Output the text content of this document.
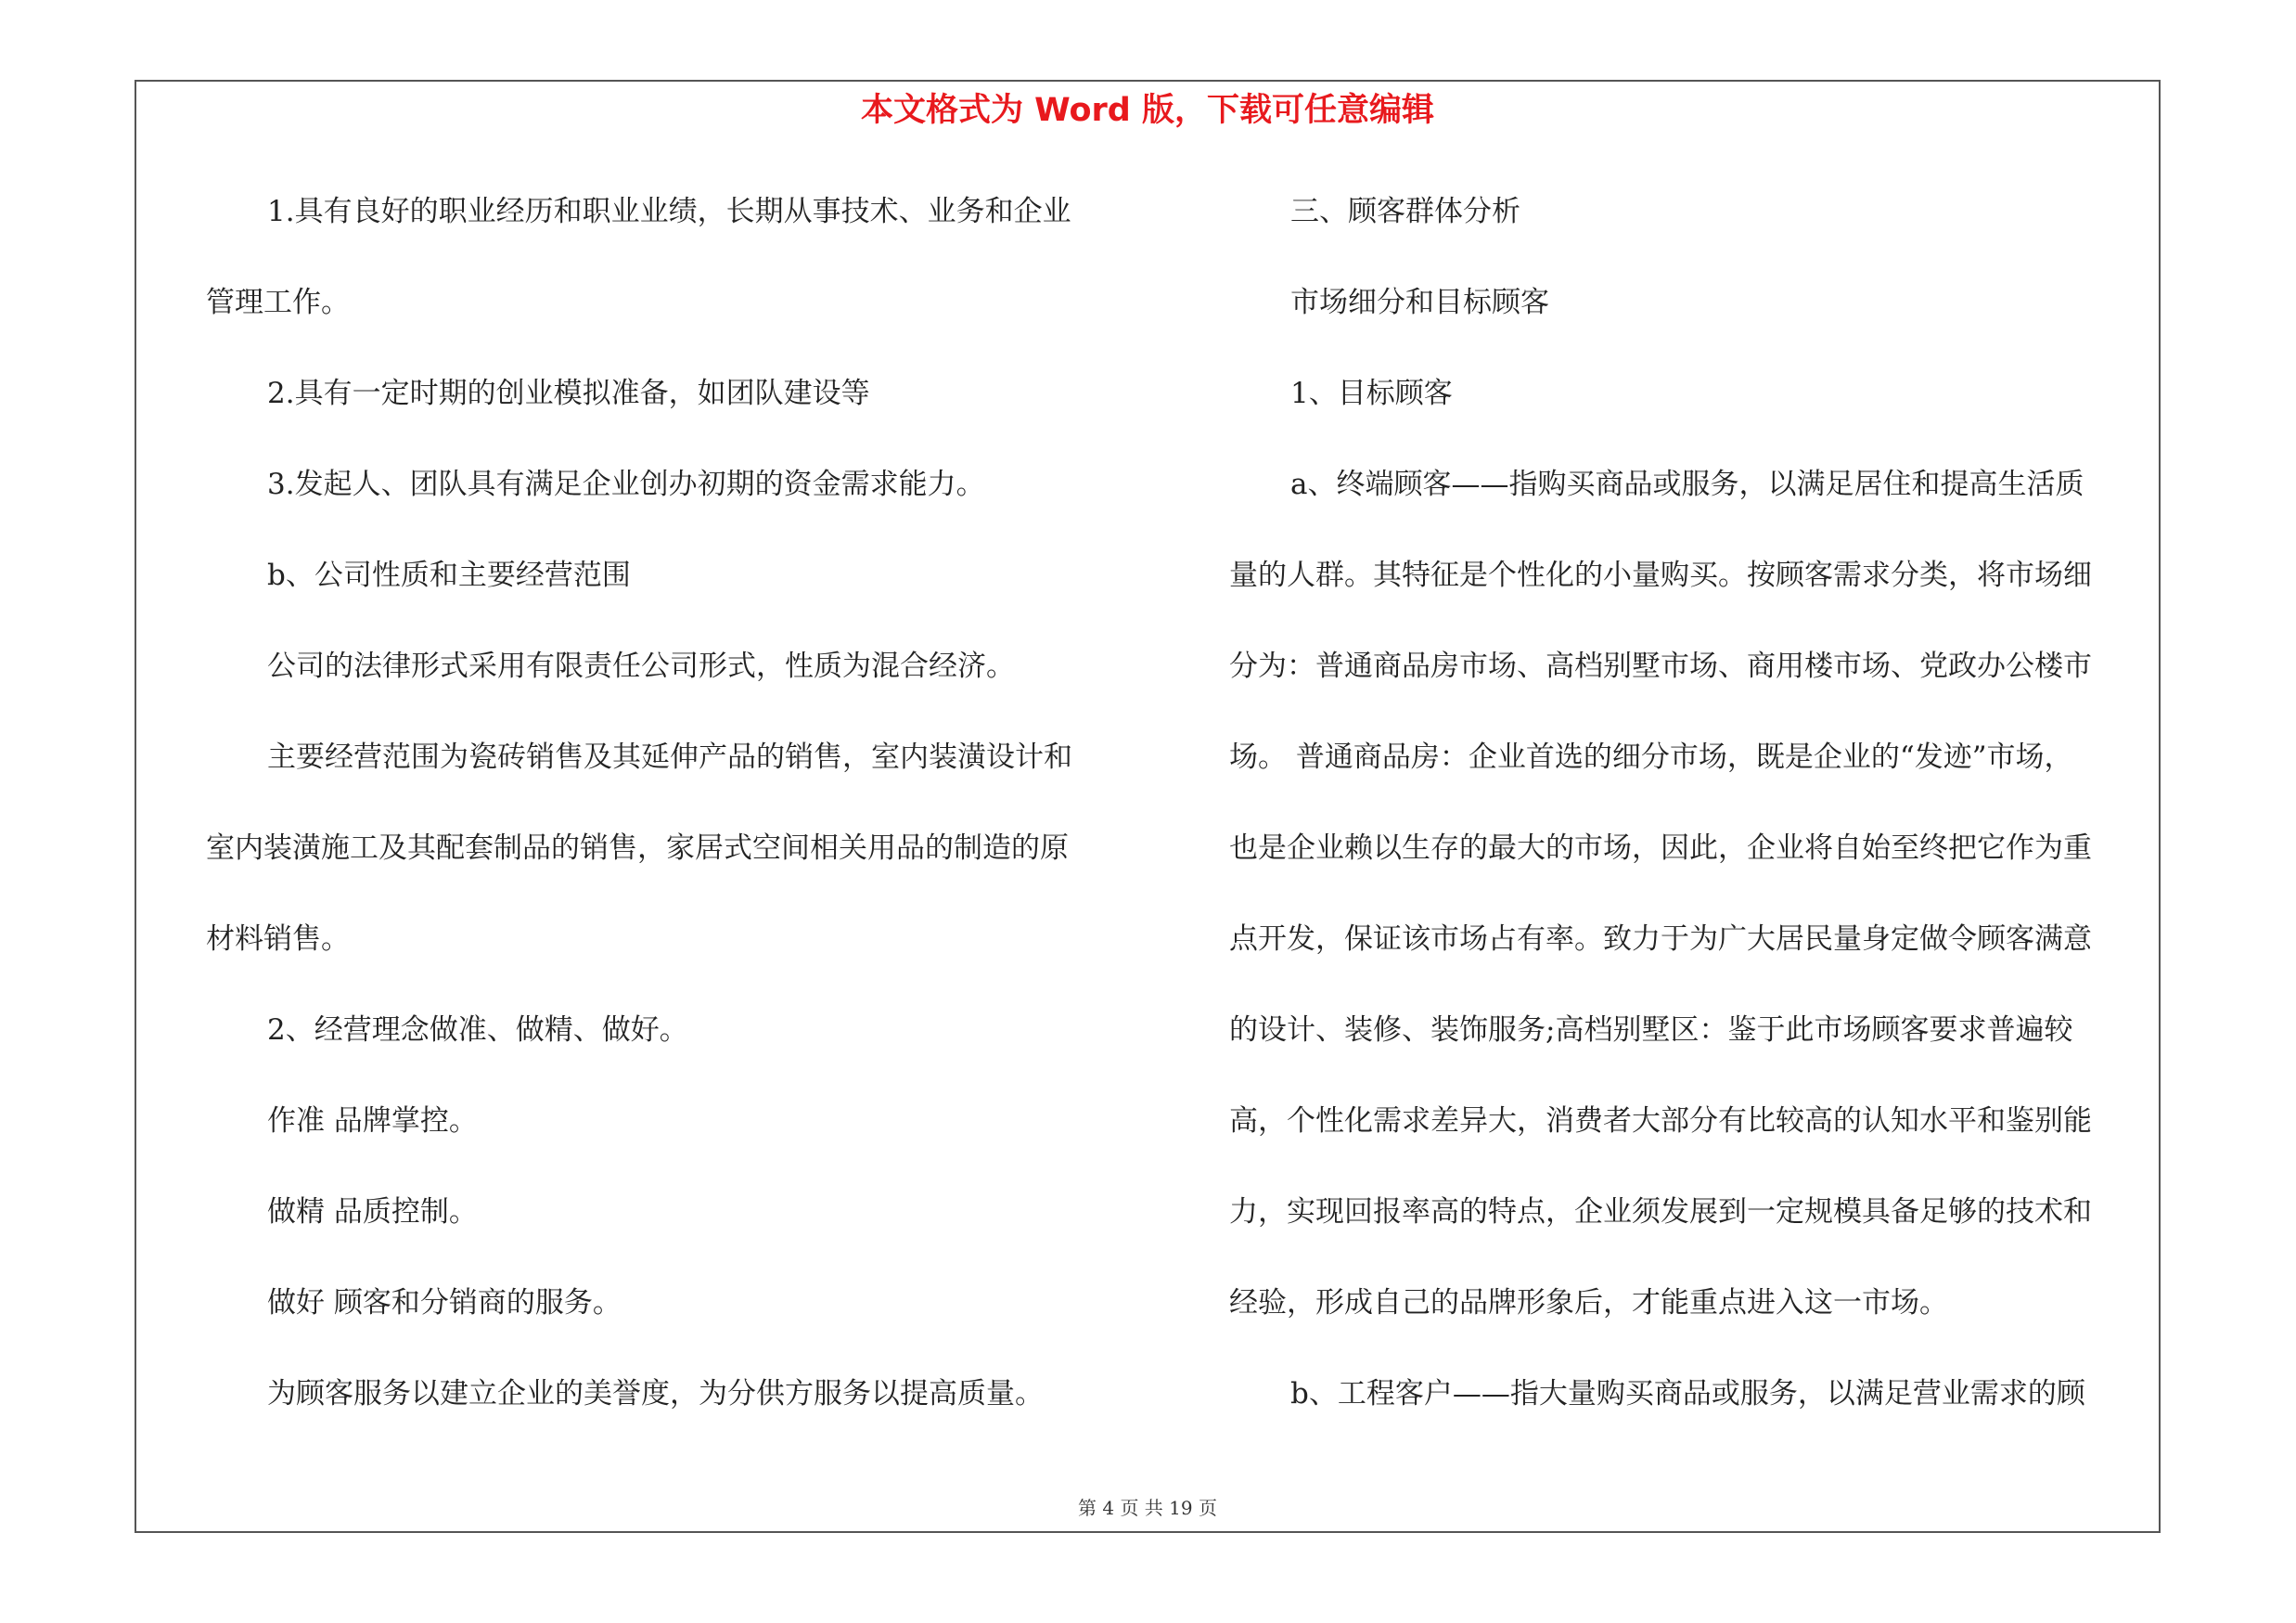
本文格式为 Word 版，下载可任意编辑
1.具有良好的职业经历和职业业绩，长期从事技术、业务和企业
管理工作。
2.具有一定时期的创业模拟准备，如团队建设等
3.发起人、团队具有满足企业创办初期的资金需求能力。
b、公司性质和主要经营范围
公司的法律形式采用有限责任公司形式，性质为混合经济。
主要经营范围为瓷砖销售及其延伸产品的销售，室内装潢设计和
室内装潢施工及其配套制品的销售，家居式空间相关用品的制造的原
材料销售。
2、经营理念做准、做精、做好。
作准 品牌掌控。
做精 品质控制。
做好 顾客和分销商的服务。
为顾客服务以建立企业的美誉度，为分供方服务以提高质量。
三、顾客群体分析
市场细分和目标顾客
1、目标顾客
a、终端顾客——指购买商品或服务，以满足居住和提高生活质
量的人群。其特征是个性化的小量购买。按顾客需求分类，将市场细
分为：普通商品房市场、高档别墅市场、商用楼市场、党政办公楼市
场。 普通商品房：企业首选的细分市场，既是企业的“发迹”市场，
也是企业赖以生存的最大的市场，因此，企业将自始至终把它作为重
点开发，保证该市场占有率。致力于为广大居民量身定做令顾客满意
的设计、装修、装饰服务;高档别墅区：鉴于此市场顾客要求普遍较
高，个性化需求差异大，消费者大部分有比较高的认知水平和鉴别能
力，实现回报率高的特点，企业须发展到一定规模具备足够的技术和
经验，形成自己的品牌形象后，才能重点进入这一市场。
b、工程客户——指大量购买商品或服务，以满足营业需求的顾
第 4 页 共 19 页
